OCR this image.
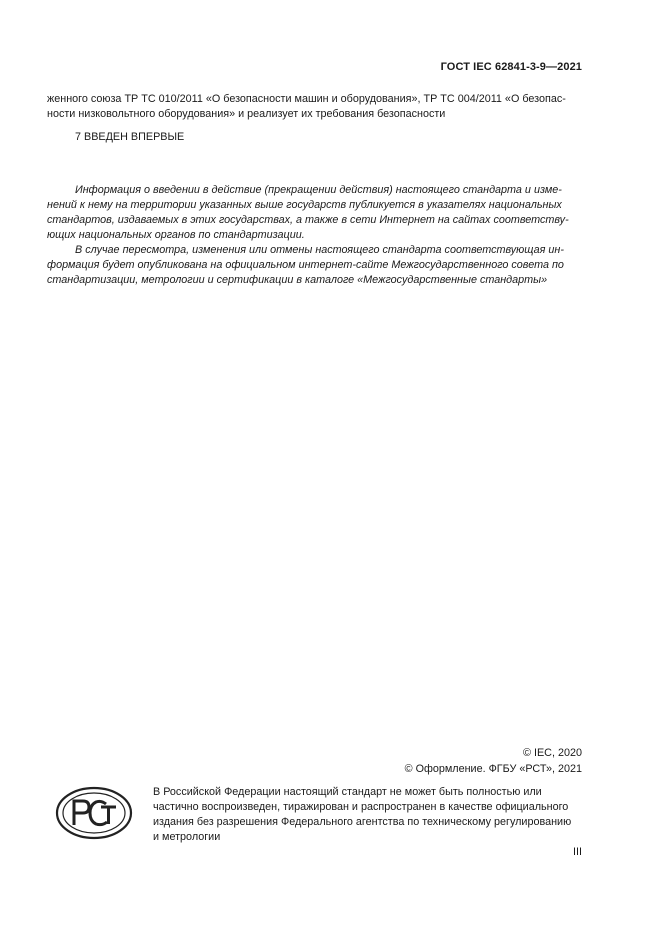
ГОСТ IEC 62841-3-9—2021
женного союза ТР ТС 010/2011 «О безопасности машин и оборудования», ТР ТС 004/2011 «О безопас-
ности низковольтного оборудования» и реализует их требования безопасности
7 ВВЕДЕН ВПЕРВЫЕ
Информация о введении в действие (прекращении действия) настоящего стандарта и измe-
нений к нему на территории указанных выше государств публикуется в указателях национальных
стандартов, издаваемых в этих государствах, а также в сети Интернет на сайтах соответству-
ющих национальных органов по стандартизации.
В случае пересмотра, изменения или отмены настоящего стандарта соответствующая ин-
формация будет опубликована на официальном интернет-сайте Межгосударственного совета по
стандартизации, метрологии и сертификации в каталоге «Межгосударственные стандарты»
© IEC, 2020
© Оформление. ФГБУ «РСТ», 2021
В Российской Федерации настоящий стандарт не может быть полностью или
частично воспроизведен, тиражирован и распространен в качестве официального
издания без разрешения Федерального агентства по техническому регулированию
и метрологии
III
